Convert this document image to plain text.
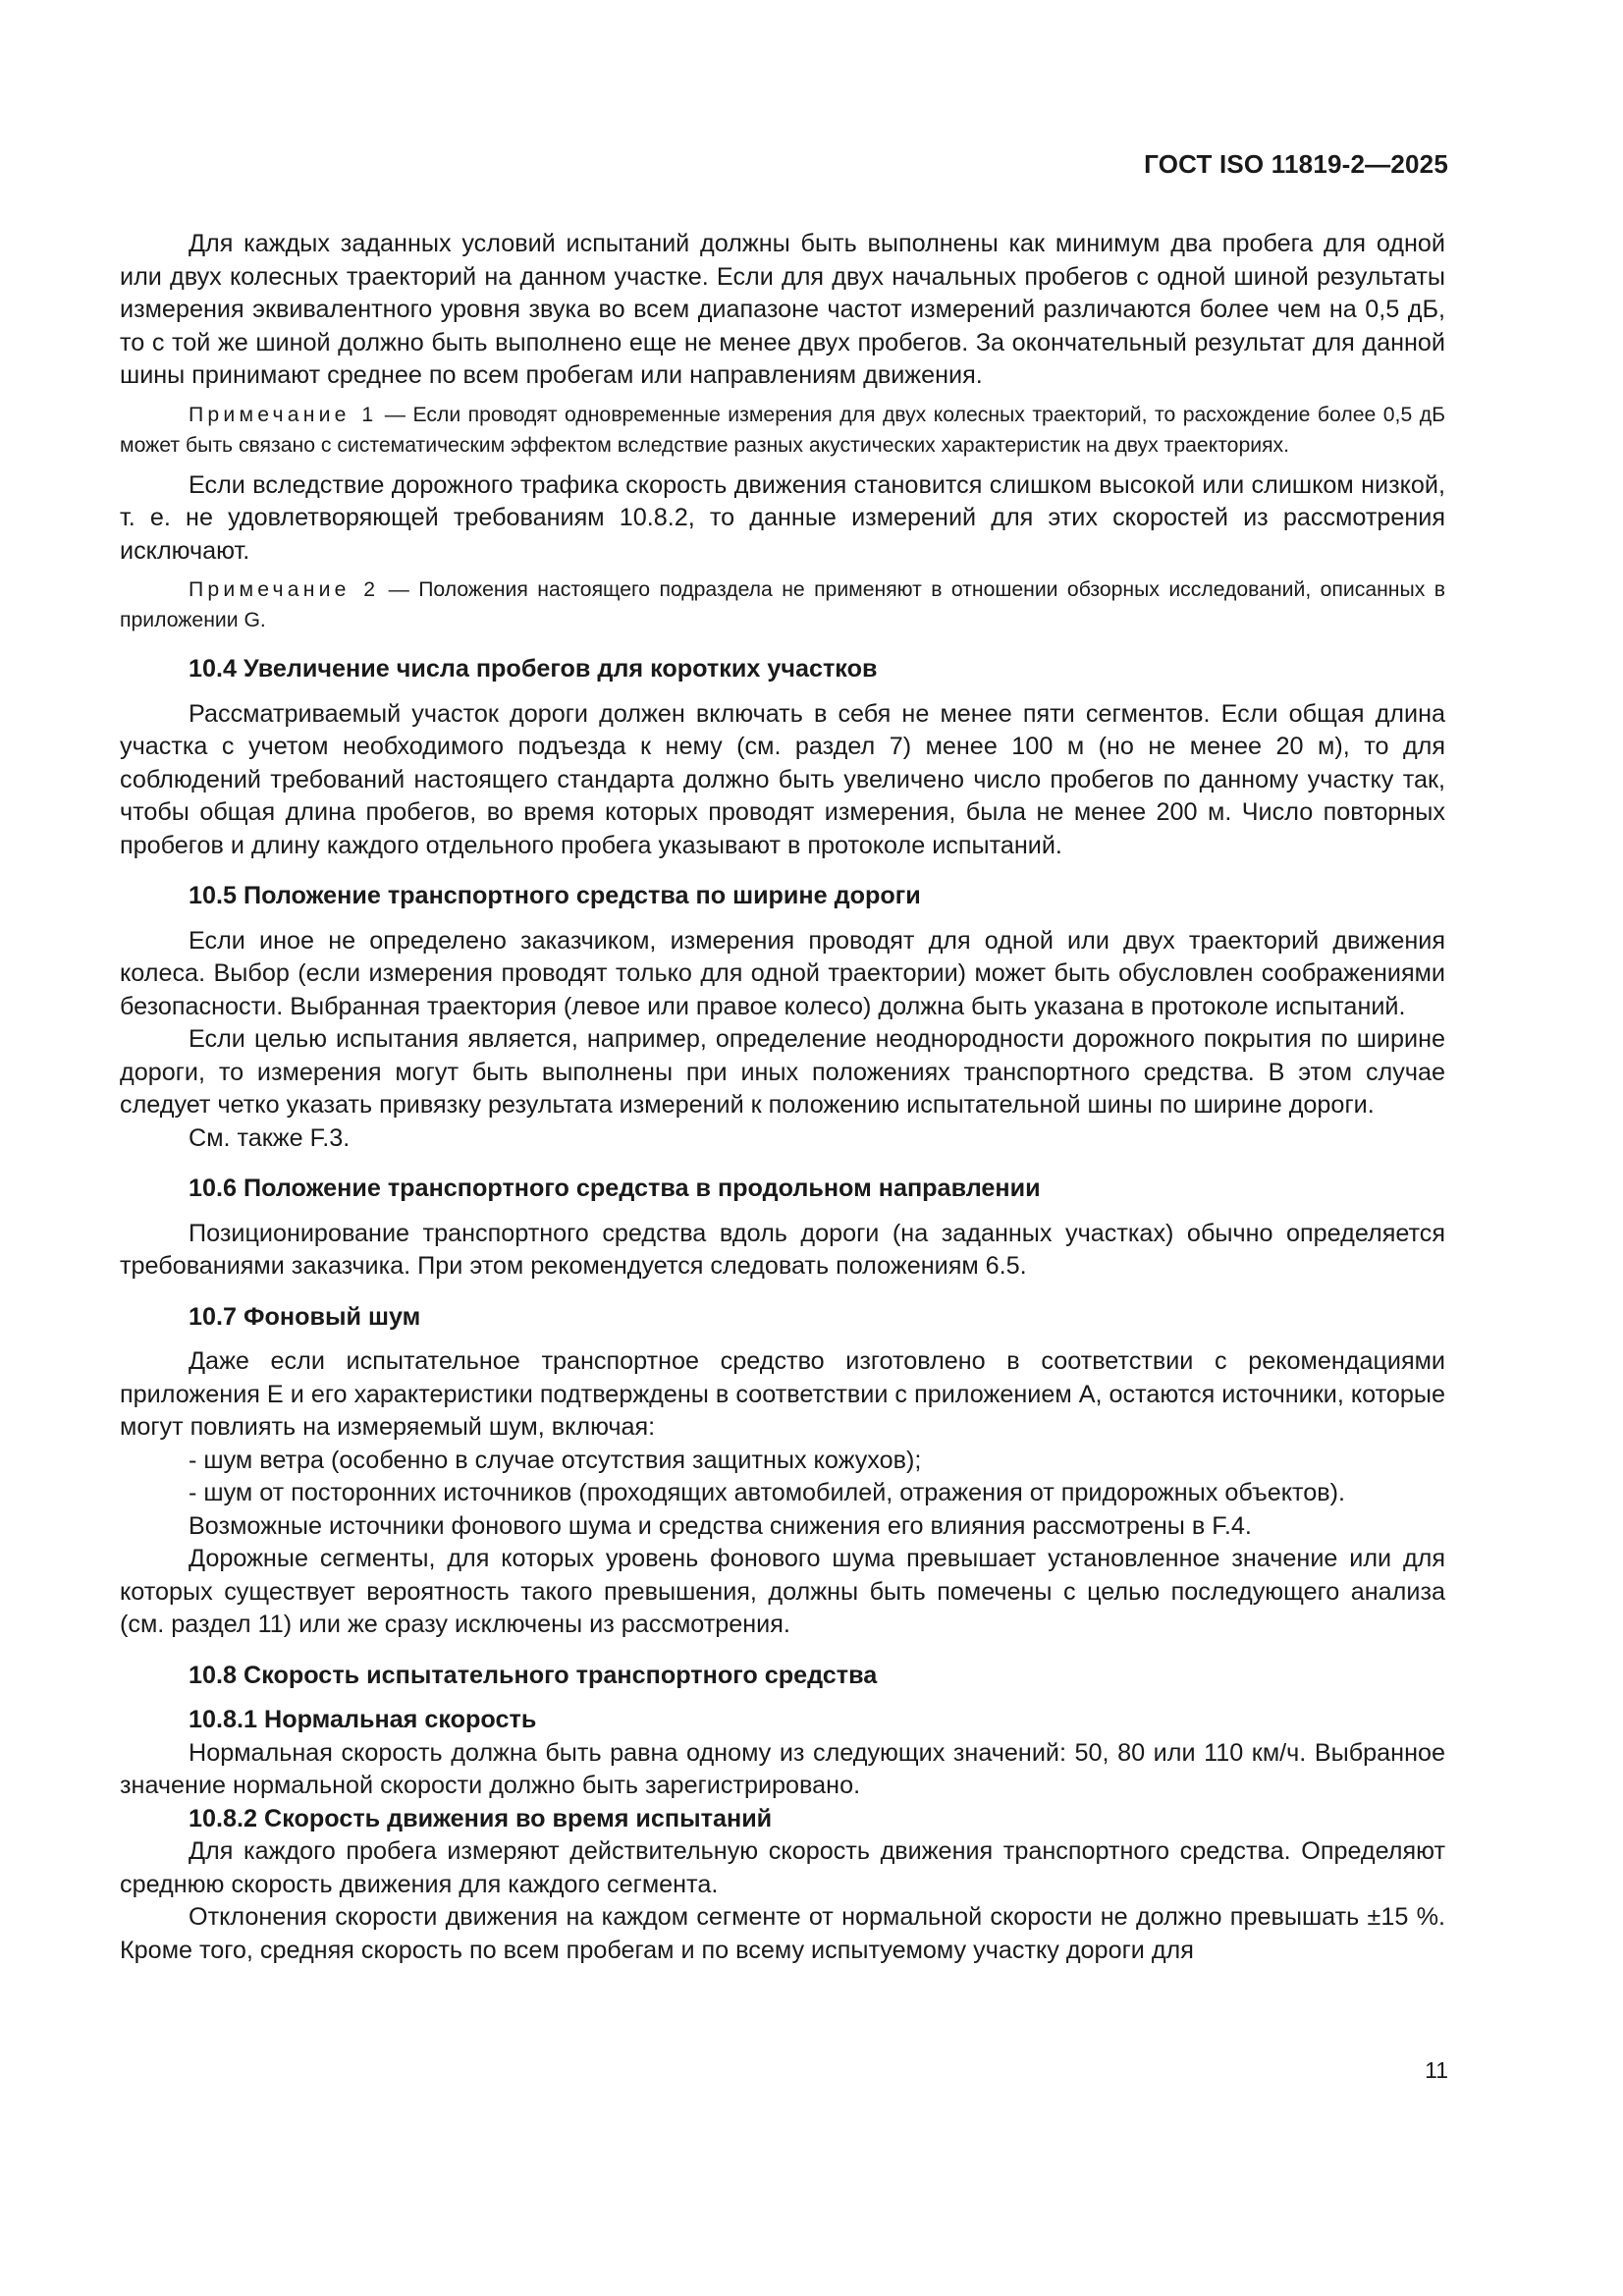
ГОСТ ISO 11819-2—2025

Для каждых заданных условий испытаний должны быть выполнены как минимум два пробега для одной или двух колесных траекторий на данном участке. Если для двух начальных пробегов с одной шиной результаты измерения эквивалентного уровня звука во всем диапазоне частот измерений различаются более чем на 0,5 дБ, то с той же шиной должно быть выполнено еще не менее двух пробегов. За окончательный результат для данной шины принимают среднее по всем пробегам или направлениям движения.

Примечание 1 — Если проводят одновременные измерения для двух колесных траекторий, то расхождение более 0,5 дБ может быть связано с систематическим эффектом вследствие разных акустических характеристик на двух траекториях.

Если вследствие дорожного трафика скорость движения становится слишком высокой или слишком низкой, т. е. не удовлетворяющей требованиям 10.8.2, то данные измерений для этих скоростей из рассмотрения исключают.

Примечание 2 — Положения настоящего подраздела не применяют в отношении обзорных исследований, описанных в приложении G.

10.4 Увеличение числа пробегов для коротких участков

Рассматриваемый участок дороги должен включать в себя не менее пяти сегментов. Если общая длина участка с учетом необходимого подъезда к нему (см. раздел 7) менее 100 м (но не менее 20 м), то для соблюдений требований настоящего стандарта должно быть увеличено число пробегов по данному участку так, чтобы общая длина пробегов, во время которых проводят измерения, была не менее 200 м. Число повторных пробегов и длину каждого отдельного пробега указывают в протоколе испытаний.

10.5 Положение транспортного средства по ширине дороги

Если иное не определено заказчиком, измерения проводят для одной или двух траекторий движения колеса. Выбор (если измерения проводят только для одной траектории) может быть обусловлен соображениями безопасности. Выбранная траектория (левое или правое колесо) должна быть указана в протоколе испытаний.

Если целью испытания является, например, определение неоднородности дорожного покрытия по ширине дороги, то измерения могут быть выполнены при иных положениях транспортного средства. В этом случае следует четко указать привязку результата измерений к положению испытательной шины по ширине дороги.

См. также F.3.

10.6 Положение транспортного средства в продольном направлении

Позиционирование транспортного средства вдоль дороги (на заданных участках) обычно определяется требованиями заказчика. При этом рекомендуется следовать положениям 6.5.

10.7 Фоновый шум

Даже если испытательное транспортное средство изготовлено в соответствии с рекомендациями приложения E и его характеристики подтверждены в соответствии с приложением A, остаются источники, которые могут повлиять на измеряемый шум, включая:

- шум ветра (особенно в случае отсутствия защитных кожухов);

- шум от посторонних источников (проходящих автомобилей, отражения от придорожных объектов).

Возможные источники фонового шума и средства снижения его влияния рассмотрены в F.4.

Дорожные сегменты, для которых уровень фонового шума превышает установленное значение или для которых существует вероятность такого превышения, должны быть помечены с целью последующего анализа (см. раздел 11) или же сразу исключены из рассмотрения.

10.8 Скорость испытательного транспортного средства
10.8.1 Нормальная скорость

Нормальная скорость должна быть равна одному из следующих значений: 50, 80 или 110 км/ч. Выбранное значение нормальной скорости должно быть зарегистрировано.

10.8.2 Скорость движения во время испытаний

Для каждого пробега измеряют действительную скорость движения транспортного средства. Определяют среднюю скорость движения для каждого сегмента.

Отклонения скорости движения на каждом сегменте от нормальной скорости не должно превышать ±15 %. Кроме того, средняя скорость по всем пробегам и по всему испытуемому участку дороги для

11
